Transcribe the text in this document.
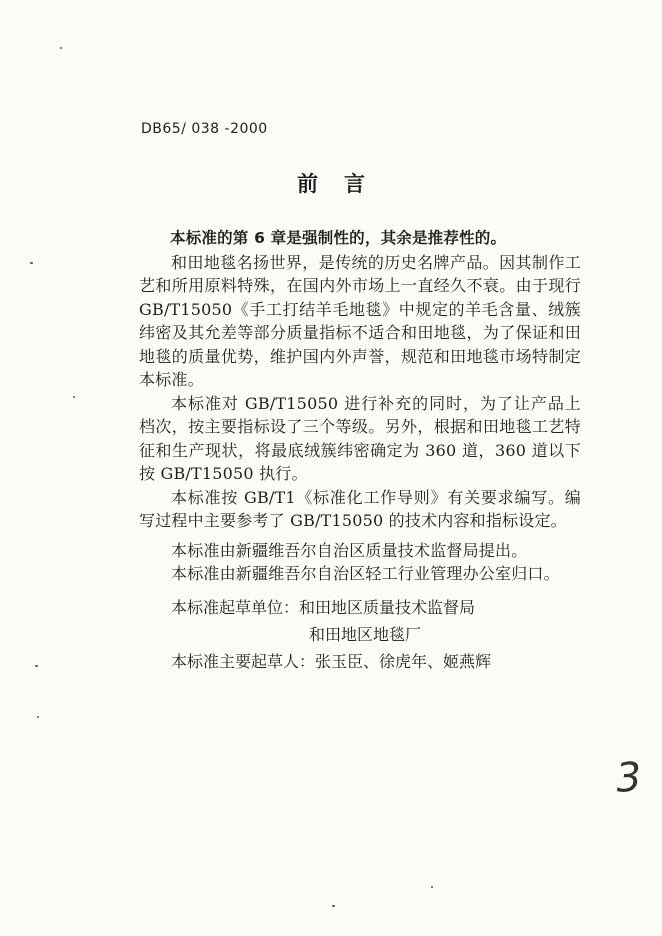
DB65/ 038 -2000
前言

本标准的第 6 章是强制性的，其余是推荐性的。

和田地毯名扬世界，是传统的历史名牌产品。因其制作工艺和所用原料特殊，在国内外市场上一直经久不衰。由于现行 GB/T15050《手工打结羊毛地毯》中规定的羊毛含量、绒簇纬密及其允差等部分质量指标不适合和田地毯，为了保证和田地毯的质量优势，维护国内外声誉，规范和田地毯市场特制定本标准。

本标准对 GB/T15050 进行补充的同时，为了让产品上档次，按主要指标设了三个等级。另外，根据和田地毯工艺特征和生产现状，将最底绒簇纬密确定为 360 道，360 道以下按 GB/T15050 执行。

本标准按 GB/T1《标准化工作导则》有关要求编写。编写过程中主要参考了 GB/T15050 的技术内容和指标设定。

本标准由新疆维吾尔自治区质量技术监督局提出。

本标准由新疆维吾尔自治区轻工行业管理办公室归口。

本标准起草单位：和田地区质量技术监督局
和田地区地毯厂
本标准主要起草人：张玉臣、徐虎年、姬燕辉
3
